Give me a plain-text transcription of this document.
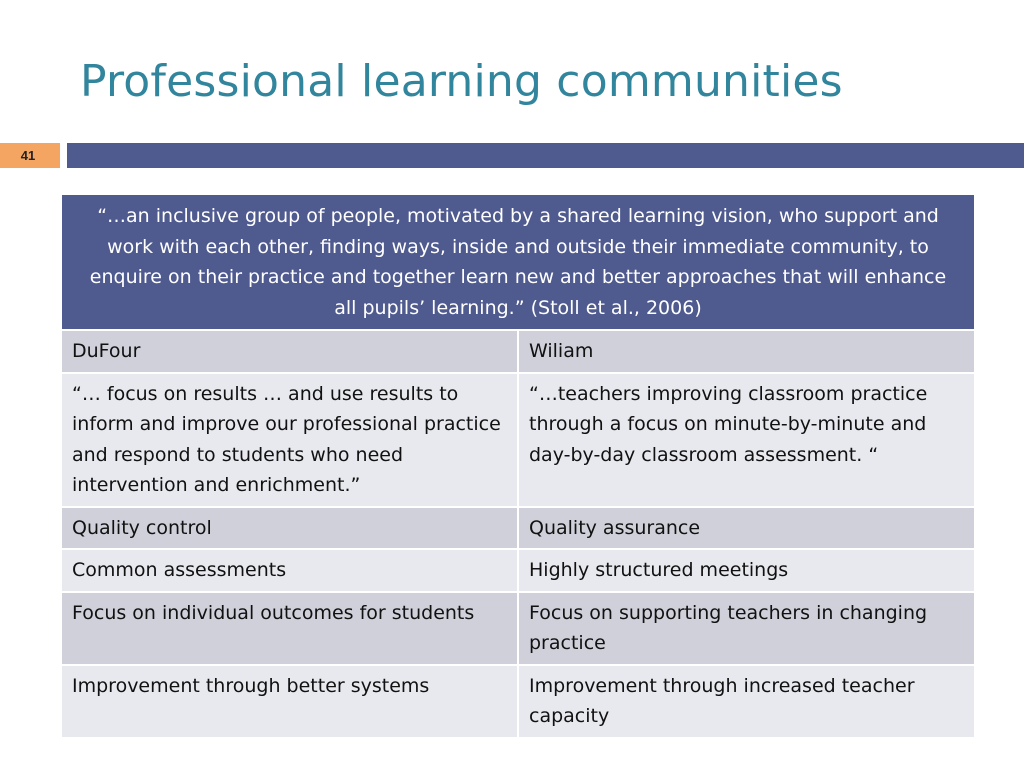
Professional learning communities
41
“…an inclusive group of people, motivated by a shared learning vision, who support and work with each other, finding ways, inside and outside their immediate community, to enquire on their practice and together learn new and better approaches that will enhance all pupils’ learning.” (Stoll et al., 2006)	
DuFour	Wiliam
“… focus on results … and use results to inform and improve our professional practice and respond to students who need intervention and enrichment.”	“…teachers improving classroom practice through a focus on minute-by-minute and day-by-day classroom assessment. “
Quality control	Quality assurance
Common assessments	Highly structured meetings
Focus on individual outcomes for students	Focus on supporting teachers in changing practice
Improvement through better systems	Improvement through increased teacher capacity
